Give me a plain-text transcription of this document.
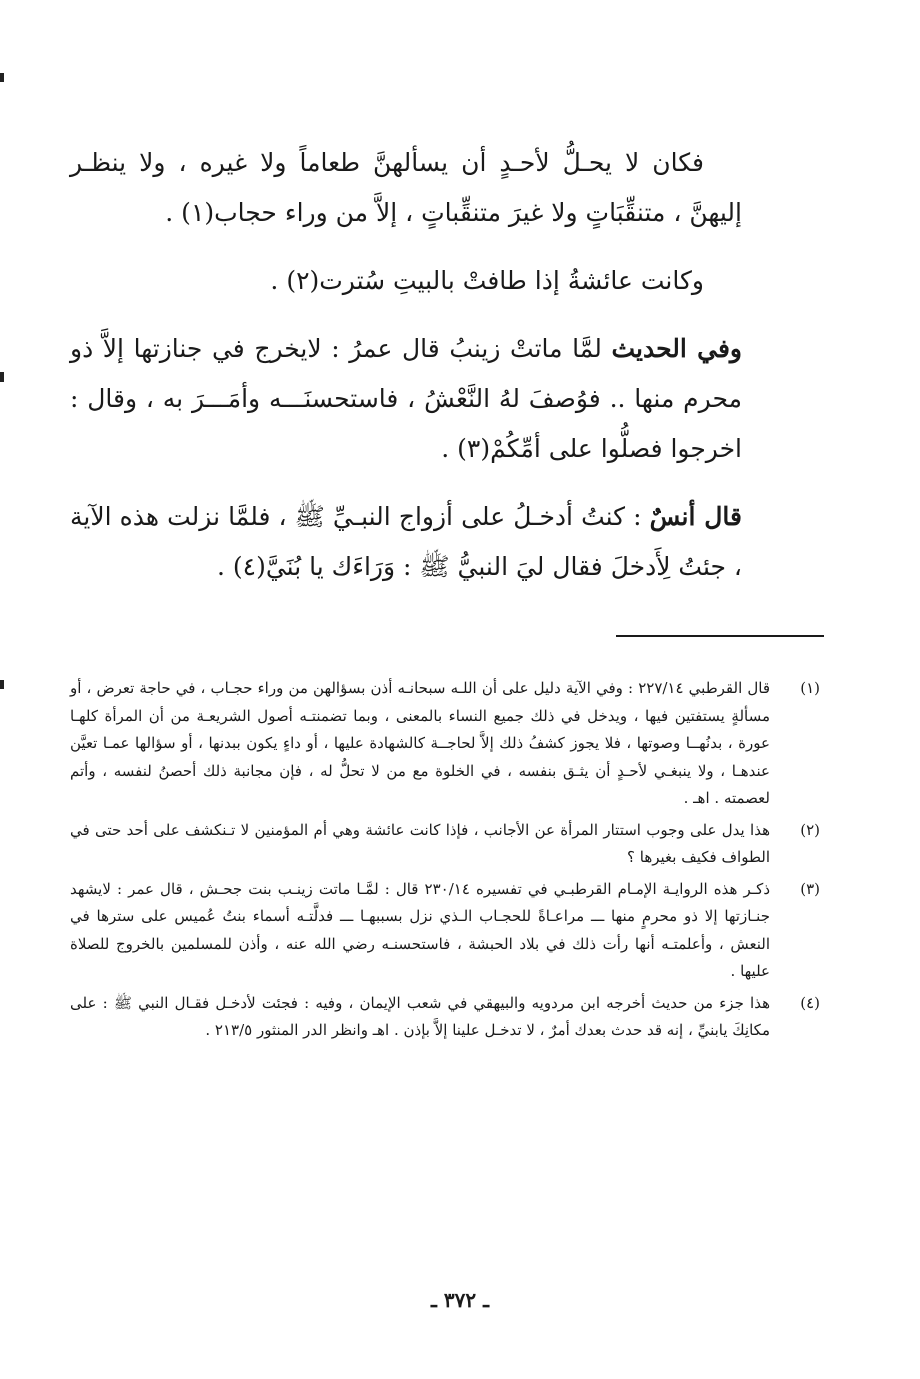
فكان لا يحـلُّ لأحـدٍ أن يسألهنَّ طعاماً ولا غيره ، ولا ينظـر إليهنَّ ، متنقِّبَاتٍ ولا غيرَ متنقِّباتٍ ، إلاَّ من وراء حجاب(١) .

وكانت عائشةُ إذا طافتْ بالبيتِ سُترت(٢) .

وفي الحديث لمَّا ماتتْ زينبُ قال عمرُ : لايخرج في جنازتها إلاَّ ذو محرم منها .. فوُصفَ لهُ النَّعْشُ ، فاستحسنَـــه وأمَـــرَ به ، وقال : اخرجوا فصلُّوا على أمِّكُمْ(٣) .

قال أنسٌ : كنتُ أدخـلُ على أزواج النبـيِّ ﷺ ، فلمَّا نزلت هذه الآية ، جئتُ لِأَدخلَ فقال ليَ النبيُّ ﷺ : وَرَاءَك يا بُنَيَّ(٤) .

(١)
قال القرطبي ٢٢٧/١٤ : وفي الآية دليل على أن اللـه سبحانـه أذن بسؤالهن من وراء حجـاب ، في حاجة تعرض ، أو مسألةٍ يستفتين فيها ، ويدخل في ذلك جميع النساء بالمعنى ، وبما تضمنتـه أصول الشريعـة من أن المرأة كلهـا عورة ، بدنُهــا وصوتها ، فلا يجوز كشفُ ذلك إلاَّ لحاجــة كالشهادة عليها ، أو داءٍ يكون ببدنها ، أو سؤالها عمـا تعيَّن عندهـا ، ولا ينبغـي لأحـدٍ أن يثـق بنفسه ، في الخلوة مع من لا تحلُّ له ، فإن مجانبة ذلك أحصنُ لنفسه ، وأتم لعصمته . اهـ .
(٢)
هذا يدل على وجوب استتار المرأة عن الأجانب ، فإذا كانت عائشة وهي أم المؤمنين لا تـنكشف على أحد حتى في الطواف فكيف بغيرها ؟
(٣)
ذكـر هذه الروايـة الإمـام القرطبـي في تفسيره ٢٣٠/١٤ قال : لمَّـا ماتت زينـب بنت جحـش ، قال عمر : لايشهد جنـازتها إلا ذو محرمٍ منها ـــ مراعـاةً للحجـاب الـذي نزل بسببهـا ـــ فدلَّتـه أسماء بنتُ عُميس على سترها في النعش ، وأعلمتـه أنها رأت ذلك في بلاد الحبشة ، فاستحسنـه رضي الله عنه ، وأذن للمسلمين بالخروج للصلاة عليها .
(٤)
هذا جزء من حديث أخرجه ابن مردويه والبيهقي في شعب الإيمان ، وفيه : فجئت لأدخـل فقـال النبي ﷺ : على مكانِكَ يابنيِّ ، إنه قد حدث بعدك أمرٌ ، لا تدخـل علينا إلاَّ بإذن . اهـ وانظر الدر المنثور ٢١٣/٥ .
ـ ٣٧٢ ـ
